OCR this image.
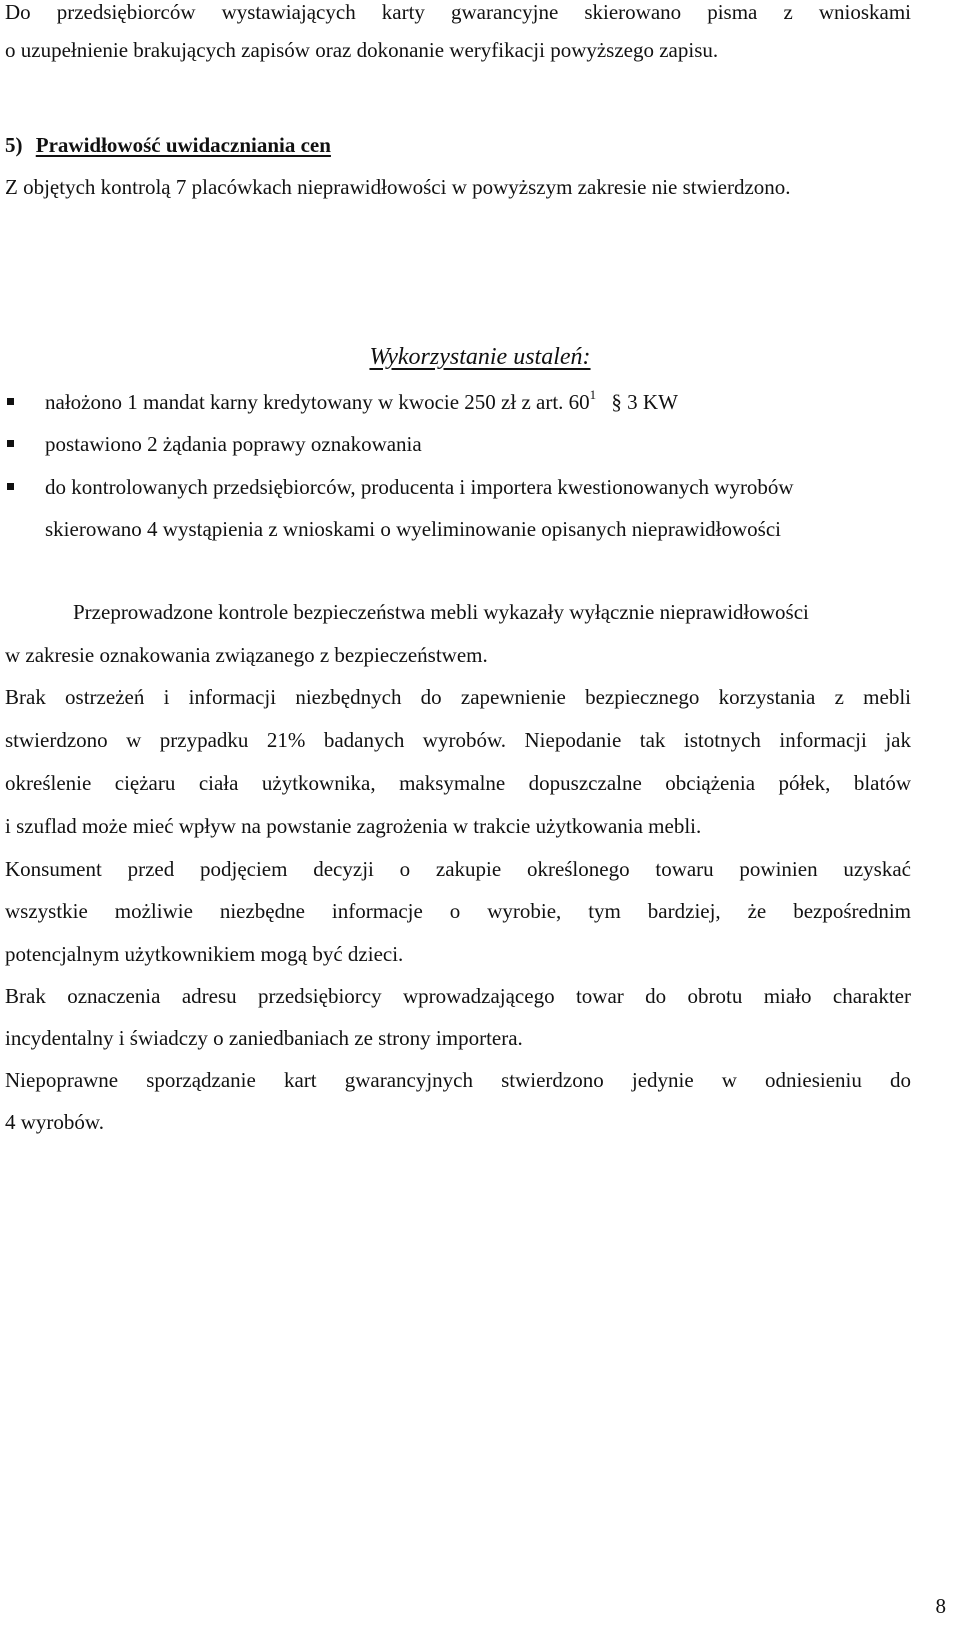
Do przedsiębiorców wystawiających karty gwarancyjne skierowano pisma z wnioskami
o uzupełnienie brakujących zapisów oraz dokonanie weryfikacji powyższego zapisu.
5) Prawidłowość uwidaczniania cen
Z objętych kontrolą 7 placówkach nieprawidłowości w powyższym zakresie nie stwierdzono.
Wykorzystanie ustaleń:
nałożono 1 mandat karny kredytowany w kwocie 250 zł z art. $60^1$ § 3 KW
postawiono 2 żądania poprawy oznakowania
do kontrolowanych przedsiębiorców, producenta i importera kwestionowanych wyrobów
skierowano 4 wystąpienia z wnioskami o wyeliminowanie opisanych nieprawidłowości
Przeprowadzone kontrole bezpieczeństwa mebli wykazały wyłącznie nieprawidłowości
w zakresie oznakowania związanego z bezpieczeństwem.
Brak ostrzeżeń i informacji niezbędnych do zapewnienie bezpiecznego korzystania z mebli
stwierdzono w przypadku 21% badanych wyrobów. Niepodanie tak istotnych informacji jak
określenie ciężaru ciała użytkownika, maksymalne dopuszczalne obciążenia półek, blatów
i szuflad może mieć wpływ na powstanie zagrożenia w trakcie użytkowania mebli.
Konsument przed podjęciem decyzji o zakupie określonego towaru powinien uzyskać
wszystkie możliwie niezbędne informacje o wyrobie, tym bardziej, że bezpośrednim
potencjalnym użytkownikiem mogą być dzieci.
Brak oznaczenia adresu przedsiębiorcy wprowadzającego towar do obrotu miało charakter
incydentalny i świadczy o zaniedbaniach ze strony importera.
Niepoprawne sporządzanie kart gwarancyjnych stwierdzono jedynie w odniesieniu do
4 wyrobów.
8
